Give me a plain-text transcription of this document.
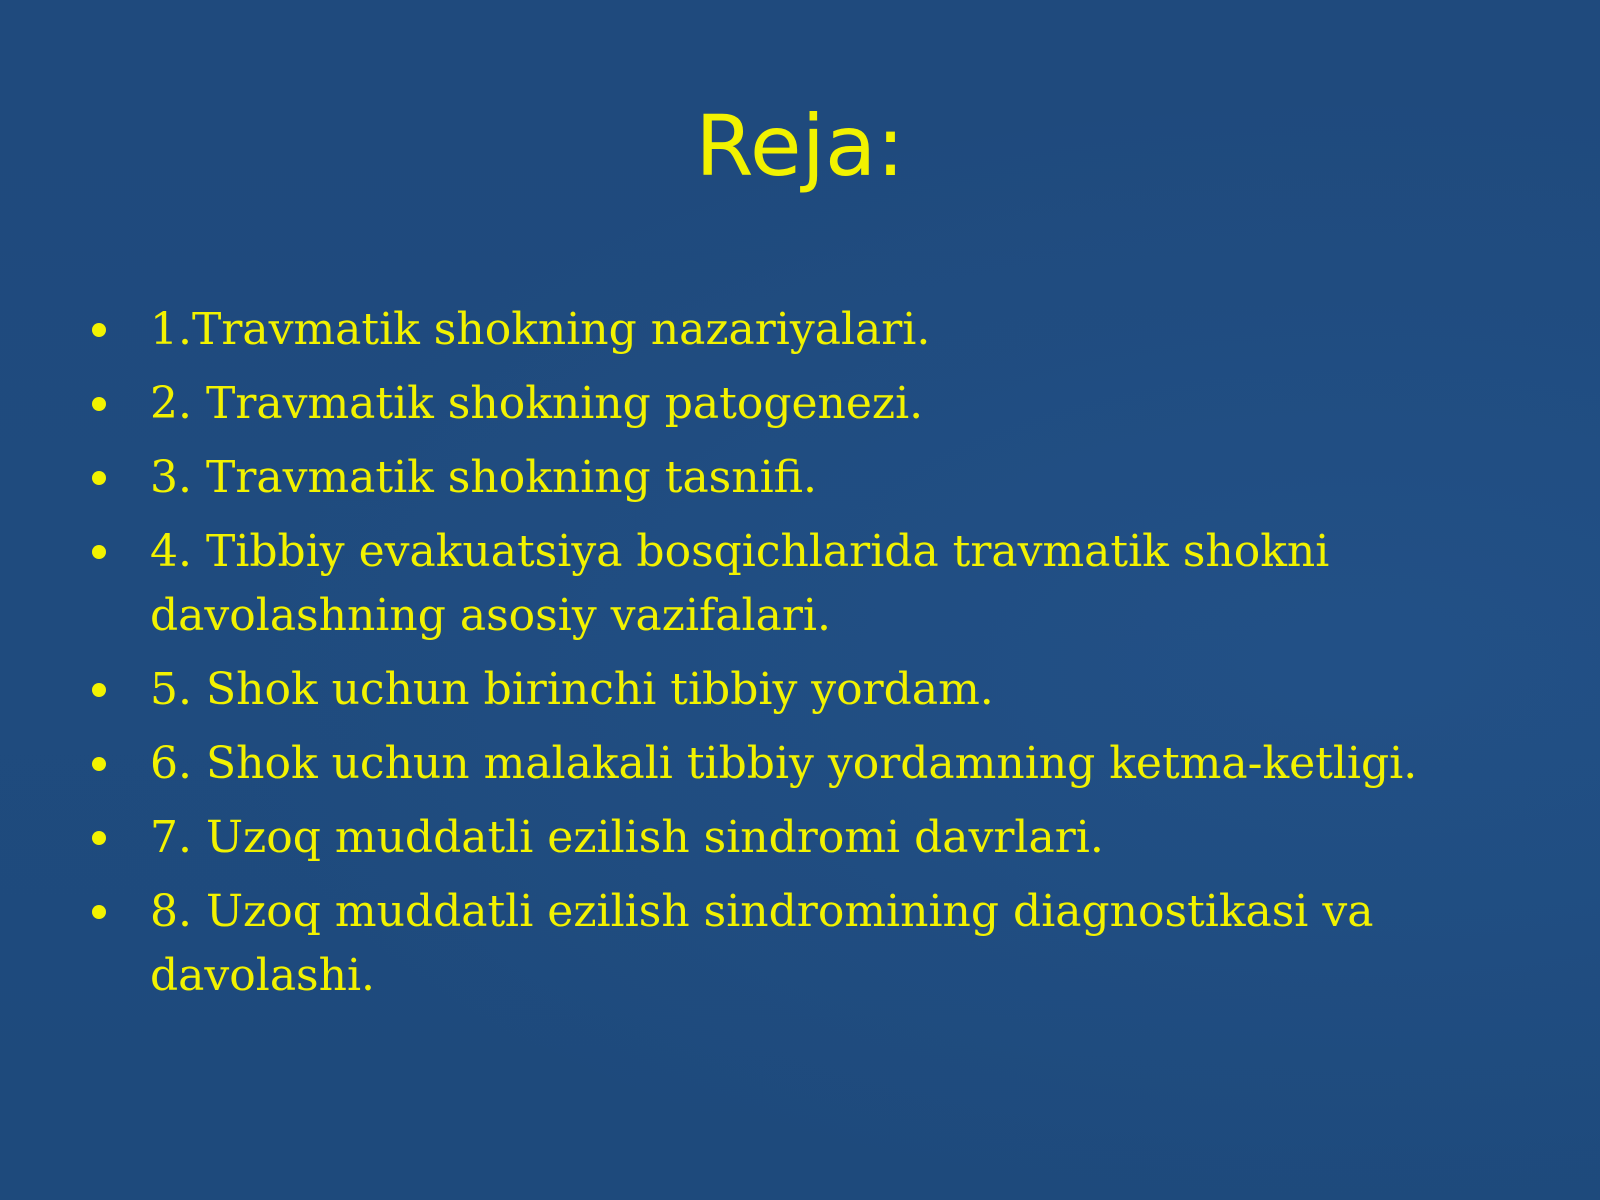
Reja:
1.Travmatik shokning nazariyalari.
2. Travmatik shokning patogenezi.
3. Travmatik shokning tasnifi.
4. Tibbiy evakuatsiya bosqichlarida travmatik shokni davolashning asosiy vazifalari.
5. Shok uchun birinchi tibbiy yordam.
6. Shok uchun malakali tibbiy yordamning ketma-ketligi.
7. Uzoq muddatli ezilish sindromi davrlari.
8. Uzoq muddatli ezilish sindromining diagnostikasi va davolashi.
